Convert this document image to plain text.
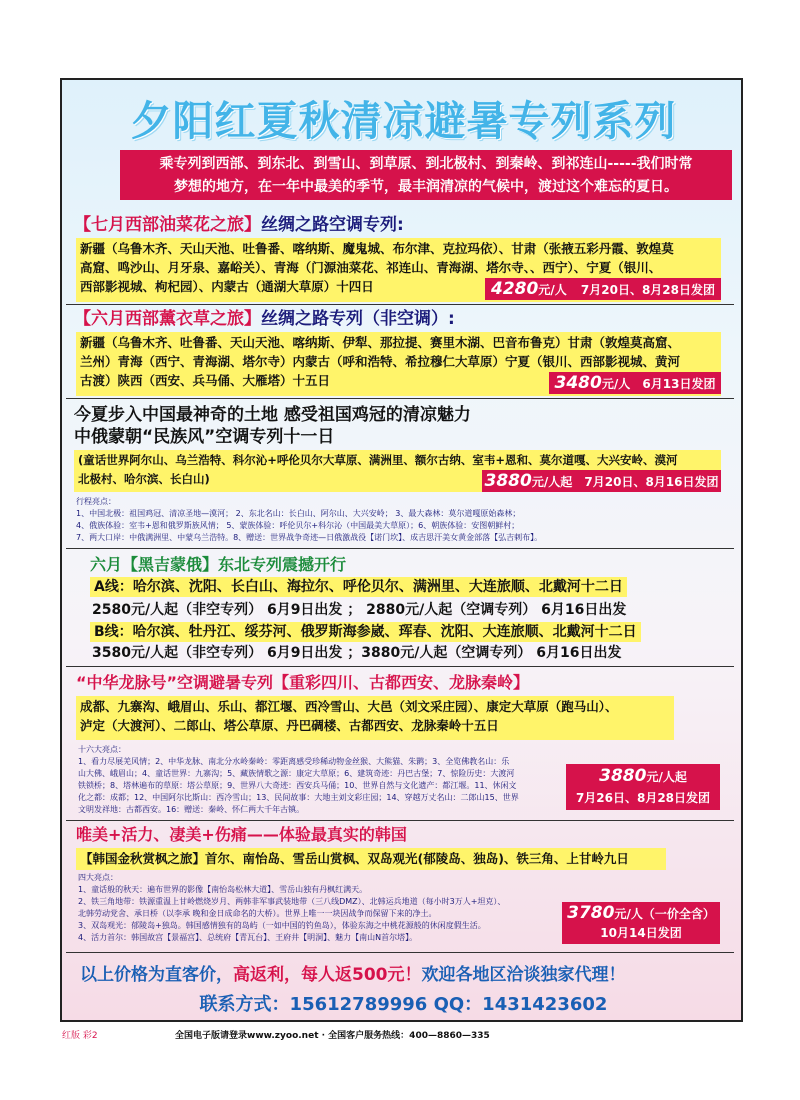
夕阳红夏秋清凉避暑专列系列
乘专列到西部、到东北、到雪山、到草原、到北极村、到秦岭、到祁连山-----我们时常
梦想的地方，在一年中最美的季节，最丰润清凉的气候中，渡过这个难忘的夏日。
【七月西部油菜花之旅】丝绸之路空调专列:
新疆（乌鲁木齐、天山天池、吐鲁番、喀纳斯、魔鬼城、布尔津、克拉玛依）、甘肃（张掖五彩丹霞、敦煌莫
高窟、鸣沙山、月牙泉、嘉峪关）、青海（门源油菜花、祁连山、青海湖、塔尔寺、、西宁）、宁夏（银川、
西部影视城、枸杞园）、内蒙古（通湖大草原）十四日	4280元/人 7月20日、8月28日发团
【六月西部薰衣草之旅】丝绸之路专列（非空调）:
新疆（乌鲁木齐、吐鲁番、天山天池、喀纳斯、伊犁、那拉提、赛里木湖、巴音布鲁克）甘肃（敦煌莫高窟、
兰州）青海（西宁、青海湖、塔尔寺）内蒙古（呼和浩特、希拉穆仁大草原）宁夏（银川、西部影视城、黄河
古渡）陕西（西安、兵马俑、大雁塔）十五日	3480元/人 6月13日发团
今夏步入中国最神奇的土地 感受祖国鸡冠的清凉魅力
中俄蒙朝“民族风”空调专列十一日
(童话世界阿尔山、乌兰浩特、科尔沁+呼伦贝尔大草原、满洲里、额尔古纳、室韦+恩和、莫尔道嘎、大兴安岭、漠河
北极村、哈尔滨、长白山)	3880元/人起 7月20日、8月16日发团
行程亮点：
1、中国北极：祖国鸡冠、清凉圣地—漠河； 2、东北名山：长白山、阿尔山、大兴安岭； 3、最大森林：莫尔道嘎原始森林；
4、俄族体验：室韦+恩和俄罗斯族风情； 5、蒙族体验：呼伦贝尔+科尔沁（中国最美大草原）；6、朝族体验：安图朝鲜村；
7、两大口岸：中俄满洲里、中蒙乌兰浩特。8、赠送：世界战争奇迹—日俄激战役【诺门坎】、成吉思汗美女黄金部落【弘吉剌布】。
六月【黑吉蒙俄】东北专列震撼开行
A线：哈尔滨、沈阳、长白山、海拉尔、呼伦贝尔、满洲里、大连旅顺、北戴河十二日
2580元/人起（非空专列） 6月9日出发 ； 2880元/人起（空调专列） 6月16日出发
B线：哈尔滨、牡丹江、绥芬河、俄罗斯海参崴、珲春、沈阳、大连旅顺、北戴河十二日
3580元/人起（非空专列） 6月9日出发 ；3880元/人起（空调专列） 6月16日出发
“中华龙脉号”空调避暑专列【重彩四川、古都西安、龙脉秦岭】
成都、九寨沟、峨眉山、乐山、都江堰、西冷雪山、大邑（刘文采庄园）、康定大草原（跑马山）、
泸定（大渡河）、二郎山、塔公草原、丹巴碉楼、古都西安、龙脉秦岭十五日
十六大亮点：
1、看力尽展羌风情；2、中华龙脉、南北分水岭秦岭：零距离感受珍稀动物金丝猴、大熊猫、朱鹮；3、全览佛教名山：乐
山大佛、峨眉山；4、童话世界：九寨沟；5、藏族情歌之源：康定大草原；6、建筑奇迹：丹巴古堡；7、惊险历史：大渡河
铁锁桥；8、塔林遍布的草原：塔公草原；9、世界八大奇迹：西安兵马俑；10、世界自然与文化遗产：都江堰。11、休闲文
化之都：成都；12、中国阿尔比斯山：西冷雪山；13、民间故事：大地主刘文彩庄园；14、穿越万丈名山：二郎山15、世界
文明发祥地：古都西安。16：赠送：秦岭、怀仁两大千年古镇。
3880元/人起
7月26日、8月28日发团
唯美+活力、凄美+伤痛——体验最真实的韩国
【韩国金秋赏枫之旅】首尔、南怡岛、雪岳山赏枫、双岛观光(郁陵岛、独岛)、铁三角、上甘岭九日
四大亮点：
1、童话般的秋天：遍布世界的影像【南怡岛松林大道】、雪岳山独有丹枫红满天。
2、铁三角地带：铁源重温上甘岭燃烧岁月、两韩非军事武装地带（三八线DMZ）、北韩运兵地道（每小时3万人+坦克）、
北韩劳动党舍、承日桥（以李承 晚和金日成命名的大桥）。世界上唯一一块因战争而保留下来的净土。
3、双岛观光：郁陵岛+独岛。韩国感情独有的岛屿（一如中国的钓鱼岛），体验东海之中桃花源般的休闲度假生活。
4、活力首尔：韩国故宫【景福宫】、总统府【青瓦台】、王府井【明洞】、魅力【南山N首尔塔】。
3780元/人（一价全含）
10月14日发团
以上价格为直客价，高返利，每人返500元！欢迎各地区洽谈独家代理！
联系方式：15612789996 QQ：1431423602
红版 彩2	全国电子版请登录www.zyoo.net · 全国客户服务热线：400—8860—335
